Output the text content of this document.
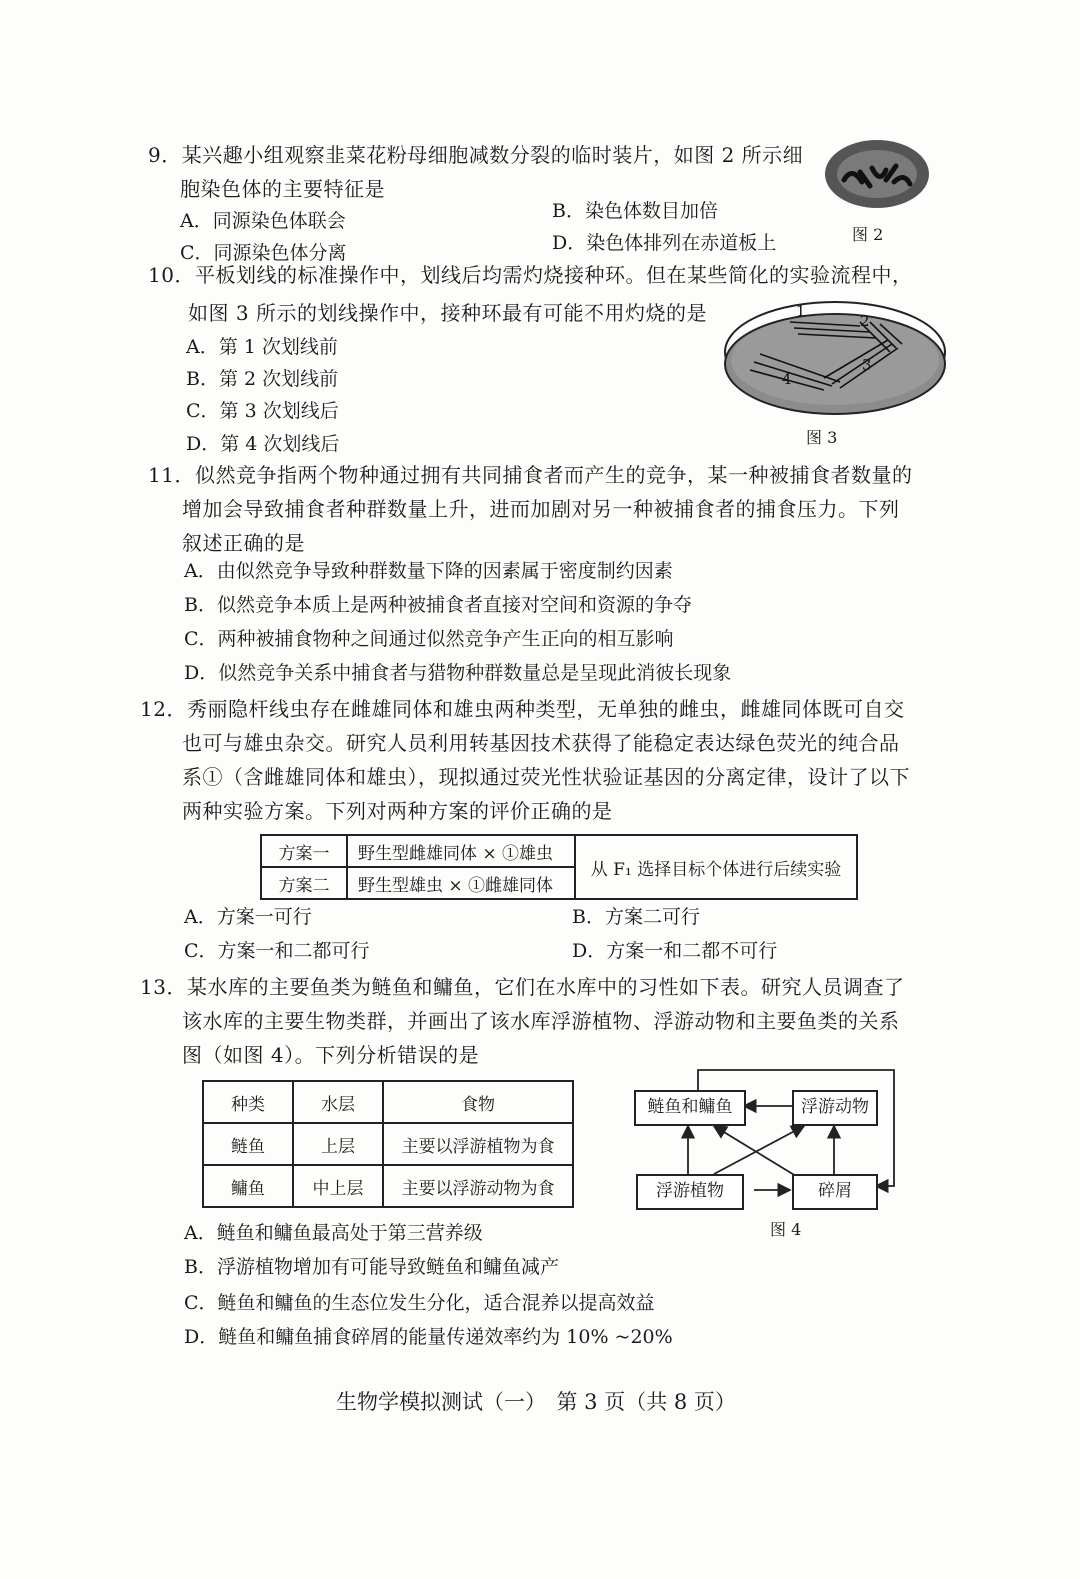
9．某兴趣小组观察韭菜花粉母细胞减数分裂的临时装片，如图 2 所示细
胞染色体的主要特征是
A．同源染色体联会	B．染色体数目加倍
C．同源染色体分离	D．染色体排列在赤道板上	图 2
10．平板划线的标准操作中，划线后均需灼烧接种环。但在某些简化的实验流程中，
如图 3 所示的划线操作中，接种环最有可能不用灼烧的是
A．第 1 次划线前
B．第 2 次划线前
C．第 3 次划线后
D．第 4 次划线后
1
2
3
4
图 3
11．似然竞争指两个物种通过拥有共同捕食者而产生的竞争，某一种被捕食者数量的
增加会导致捕食者种群数量上升，进而加剧对另一种被捕食者的捕食压力。下列
叙述正确的是
A．由似然竞争导致种群数量下降的因素属于密度制约因素
B．似然竞争本质上是两种被捕食者直接对空间和资源的争夺
C．两种被捕食物种之间通过似然竞争产生正向的相互影响
D．似然竞争关系中捕食者与猎物种群数量总是呈现此消彼长现象
12．秀丽隐杆线虫存在雌雄同体和雄虫两种类型，无单独的雌虫，雌雄同体既可自交
也可与雄虫杂交。研究人员利用转基因技术获得了能稳定表达绿色荧光的纯合品
系①（含雌雄同体和雄虫），现拟通过荧光性状验证基因的分离定律，设计了以下
两种实验方案。下列对两种方案的评价正确的是
方案一	野生型雌雄同体 × ①雄虫	从 F₁ 选择目标个体进行后续实验
方案二	野生型雄虫 × ①雌雄同体	
A．方案一可行	B．方案二可行
C．方案一和二都可行	D．方案一和二都不可行
13．某水库的主要鱼类为鲢鱼和鳙鱼，它们在水库中的习性如下表。研究人员调查了
该水库的主要生物类群，并画出了该水库浮游植物、浮游动物和主要鱼类的关系
图（如图 4）。下列分析错误的是
种类	水层	食物
鲢鱼	上层	主要以浮游植物为食
鳙鱼	中上层	主要以浮游动物为食
鲢鱼和鳙鱼	浮游动物
浮游植物	碎屑
图 4
A．鲢鱼和鳙鱼最高处于第三营养级
B．浮游植物增加有可能导致鲢鱼和鳙鱼减产
C．鲢鱼和鳙鱼的生态位发生分化，适合混养以提高效益
D．鲢鱼和鳙鱼捕食碎屑的能量传递效率约为 10% ~20%
生物学模拟测试（一）　第 3 页（共 8 页）
